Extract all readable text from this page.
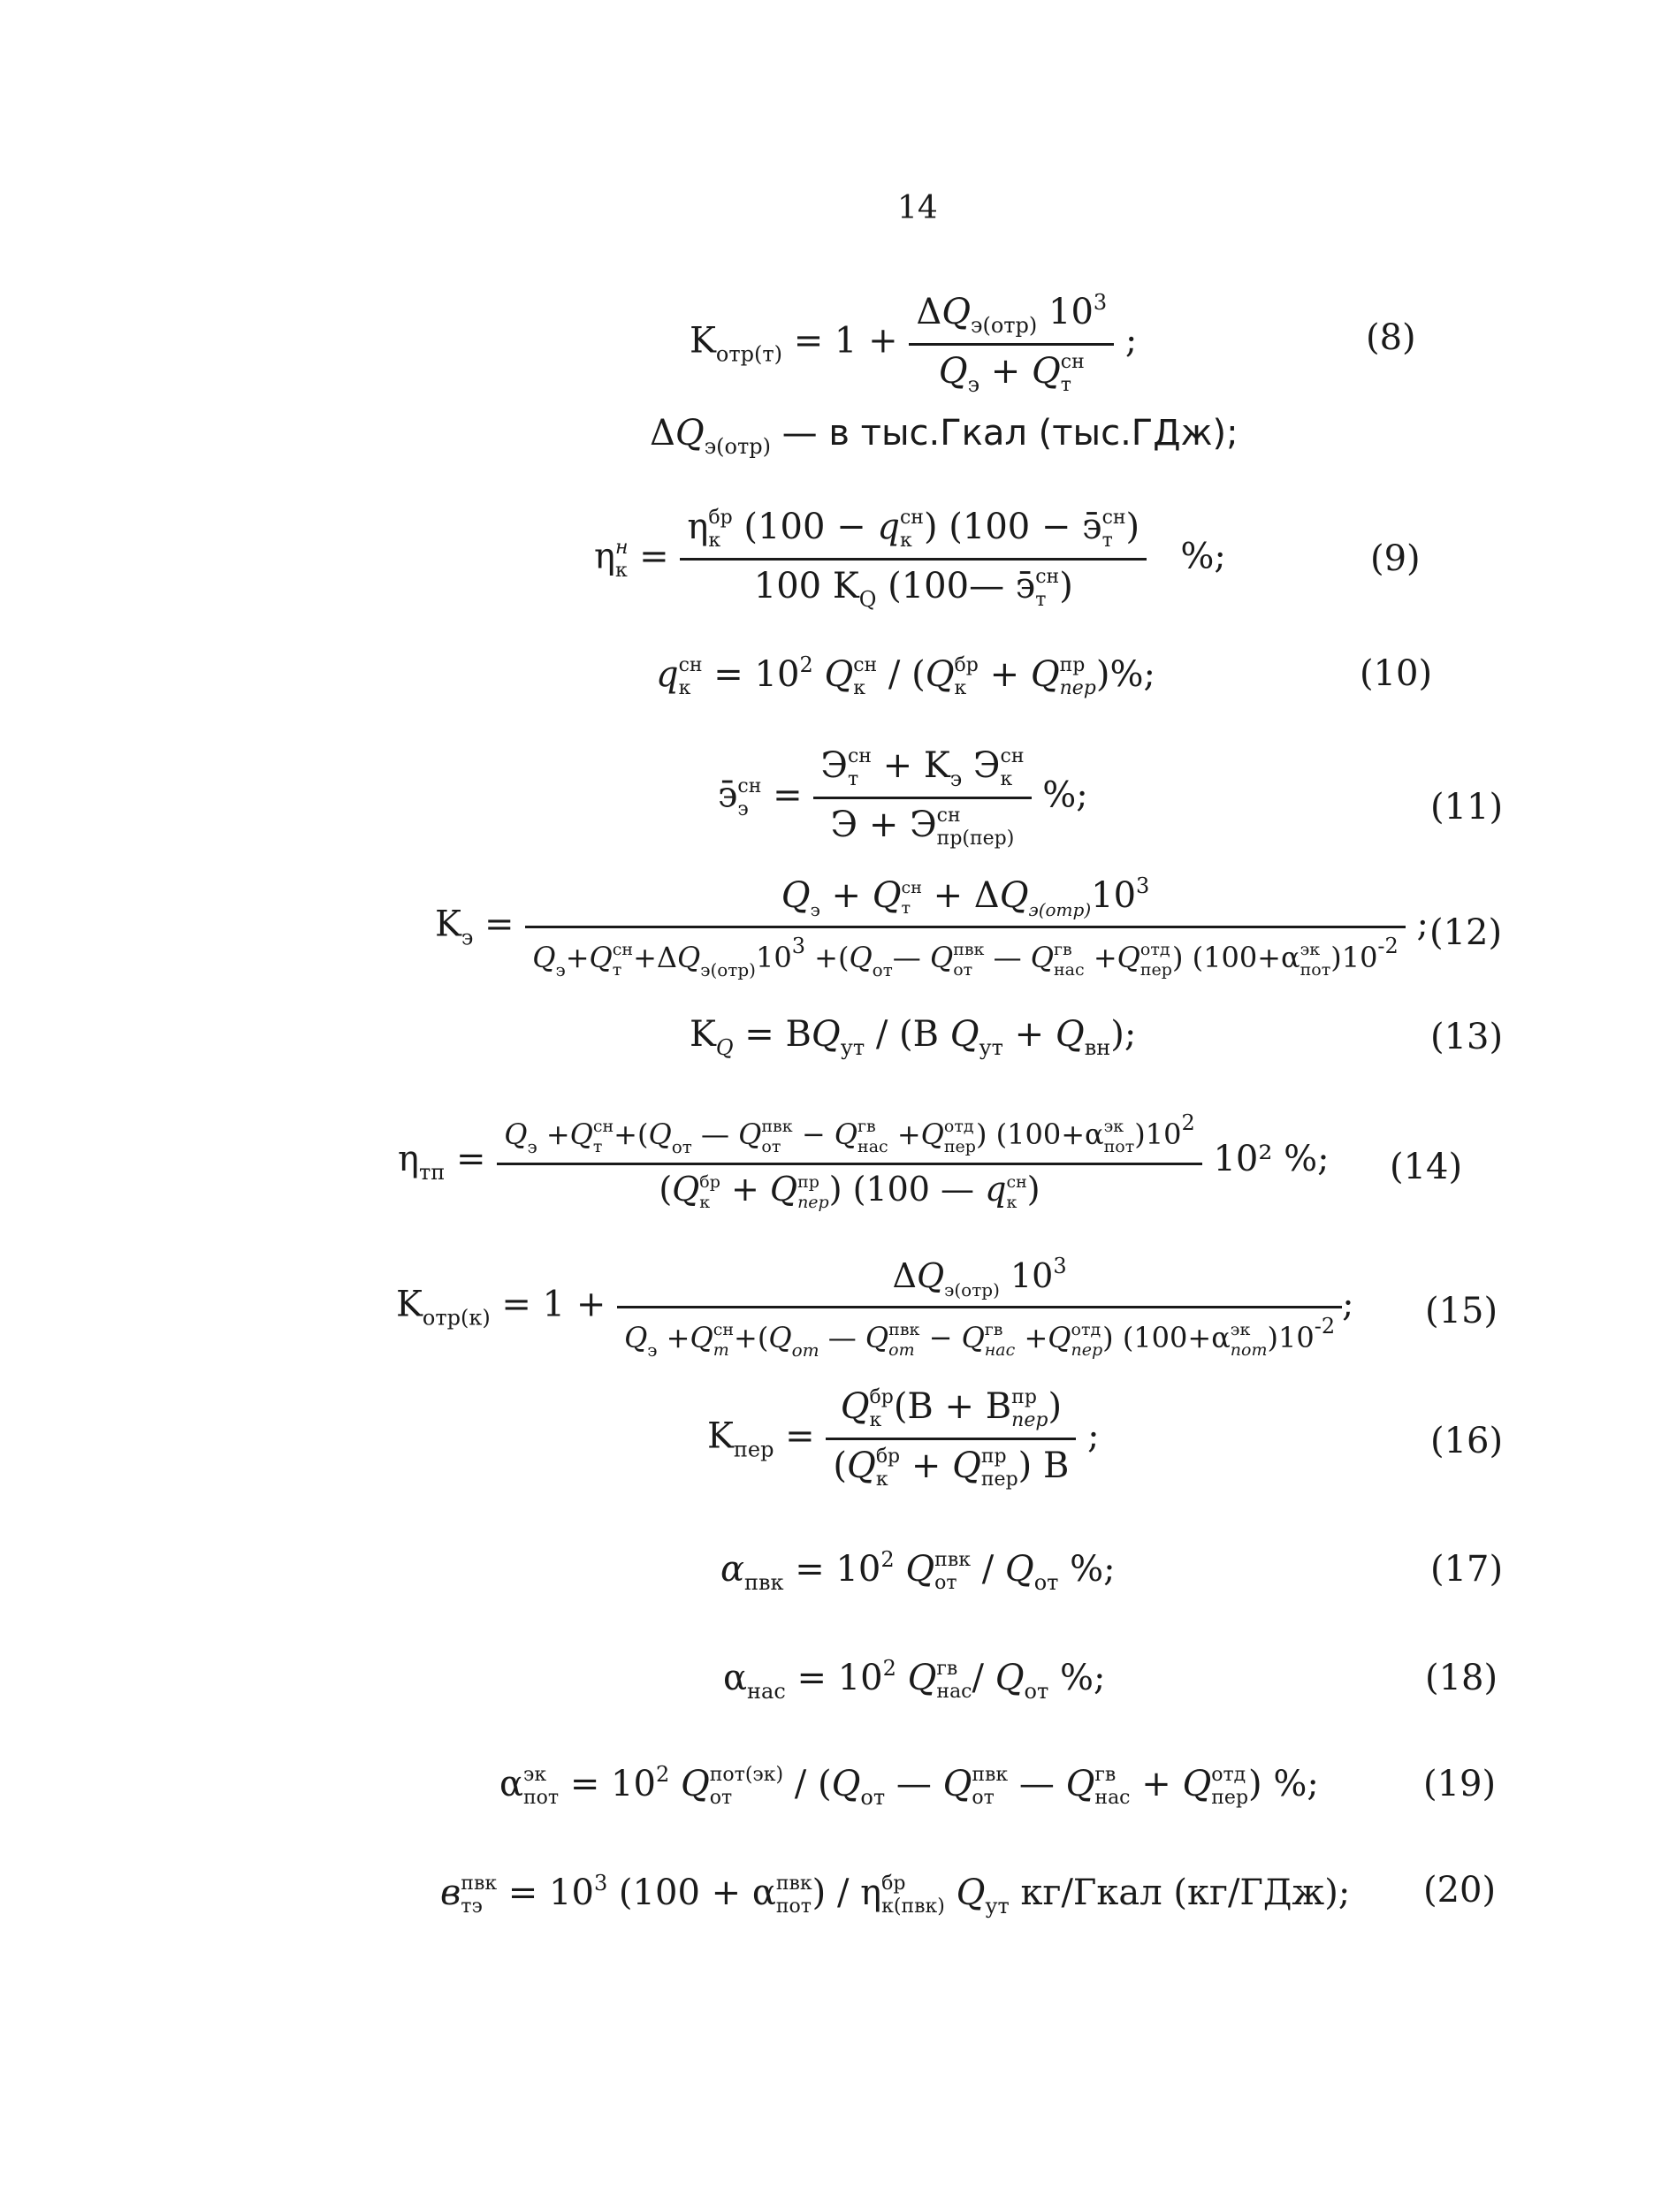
14
$K_{отр(т)} = 1 + \Delta Q_{э(отр)}$ $10^3$
$Q_э + Q$ сн
т ;	(8)
$\Delta Q_{э(отр)}$ — в тыс.Гкал (тыс.ГДж);
η н
к = η бр
к (100 − q сн
к ) (100 − э̄ сн
т )
100 $K_Q$ (100— э̄ сн
т ) %;	(9)
q сн
$к = 10^2$ Q сн
к / (Q бр
к + Q пр
пер )%;	(10)
э̄ сн
э = Э сн
$т + K_э$ Э сн
к
Э + Э сн
пр(пер) %;	(11)
$K_э$ =
$Q_э + Q$ сн
$т + \Delta Q_{э(отр)}10^3$
$Q_э+Q$ сн
$т +\Delta Q_{э(отр)}10^3$ $+(Q_{от}—$ Q пвк
от — Q гв
нас +Q отд
пер ) (100+α эк
пот )$10^{-2}$
; (12)
$K_Q = BQ_{ут} / (B$ $Q_{ут} + Q_{вн}$);	(13)
$\eta_{тп} = Q_э +Q$ сн
$т +(Q_{от}$ — Q пвк
от − Q гв
нас +Q отд
пер ) (100+α эк
пот )$10^2$
(Q бр
к + Q пр
пер ) (100 — q сн
к ) 10² %; (14)
$K_{отр(к)} = 1 + \Delta Q_{э(отр)}$ $10^3$
$Q_э +Q$ сн
$т +(Q_{от}$ — Q пвк
от − Q гв
нас +Q отд
пер ) (100+α эк
пот )$10^{-2}$ ; (15)
$K_{пер} = Q$ бр
к (B + B пр
пер )
(Q бр
к + Q пр
пер ) B ;	(16)
$\alpha_{пвк} = 10^2$ Q пвк
от / $Q_{от}$ %;	(17)
$\alpha_{нас} = 10^2$ Q гв
нас / $Q_{от}$ %;	(18)
α эк
пот = $10^2$ Q пот(эк)
от	/ ($Q_{от}$ — Q пвк
от — Q гв
нас + Q отд
пер ) %;	(19)
в пвк
тэ = $10^3$ (100 + α пвк
пот ) / η бр
к(пвк) $Q_{ут}$ кг/Гкал (кг/ГДж); (20)
